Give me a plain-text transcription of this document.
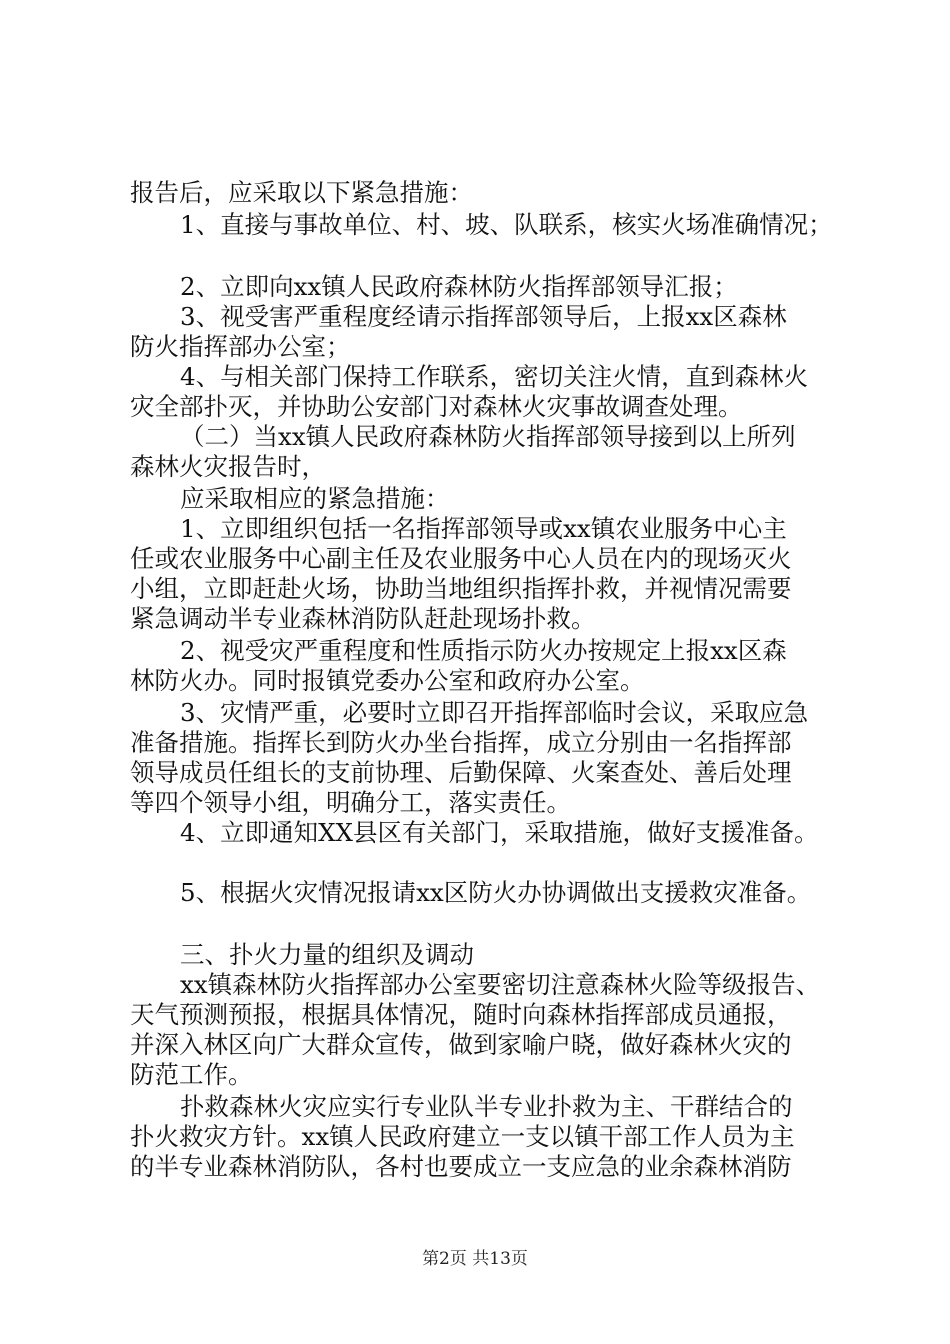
报告后，应采取以下紧急措施：

1、直接与事故单位、村、坡、队联系，核实火场准确情况；

2、立即向xx镇人民政府森林防火指挥部领导汇报；

3、视受害严重程度经请示指挥部领导后，上报xx区森林

防火指挥部办公室；

4、与相关部门保持工作联系，密切关注火情，直到森林火

灾全部扑灭，并协助公安部门对森林火灾事故调查处理。

（二）当xx镇人民政府森林防火指挥部领导接到以上所列

森林火灾报告时，

应采取相应的紧急措施：

1、立即组织包括一名指挥部领导或xx镇农业服务中心主

任或农业服务中心副主任及农业服务中心人员在内的现场灭火

小组，立即赶赴火场，协助当地组织指挥扑救，并视情况需要

紧急调动半专业森林消防队赶赴现场扑救。

2、视受灾严重程度和性质指示防火办按规定上报xx区森

林防火办。同时报镇党委办公室和政府办公室。

3、灾情严重，必要时立即召开指挥部临时会议，采取应急

准备措施。指挥长到防火办坐台指挥，成立分别由一名指挥部

领导成员任组长的支前协理、后勤保障、火案查处、善后处理

等四个领导小组，明确分工，落实责任。

4、立即通知XX县区有关部门，采取措施，做好支援准备。

5、根据火灾情况报请xx区防火办协调做出支援救灾准备。

三、扑火力量的组织及调动

xx镇森林防火指挥部办公室要密切注意森林火险等级报告、

天气预测预报，根据具体情况，随时向森林指挥部成员通报，

并深入林区向广大群众宣传，做到家喻户晓，做好森林火灾的

防范工作。

扑救森林火灾应实行专业队半专业扑救为主、干群结合的

扑火救灾方针。xx镇人民政府建立一支以镇干部工作人员为主

的半专业森林消防队，各村也要成立一支应急的业余森林消防

第2页 共13页
